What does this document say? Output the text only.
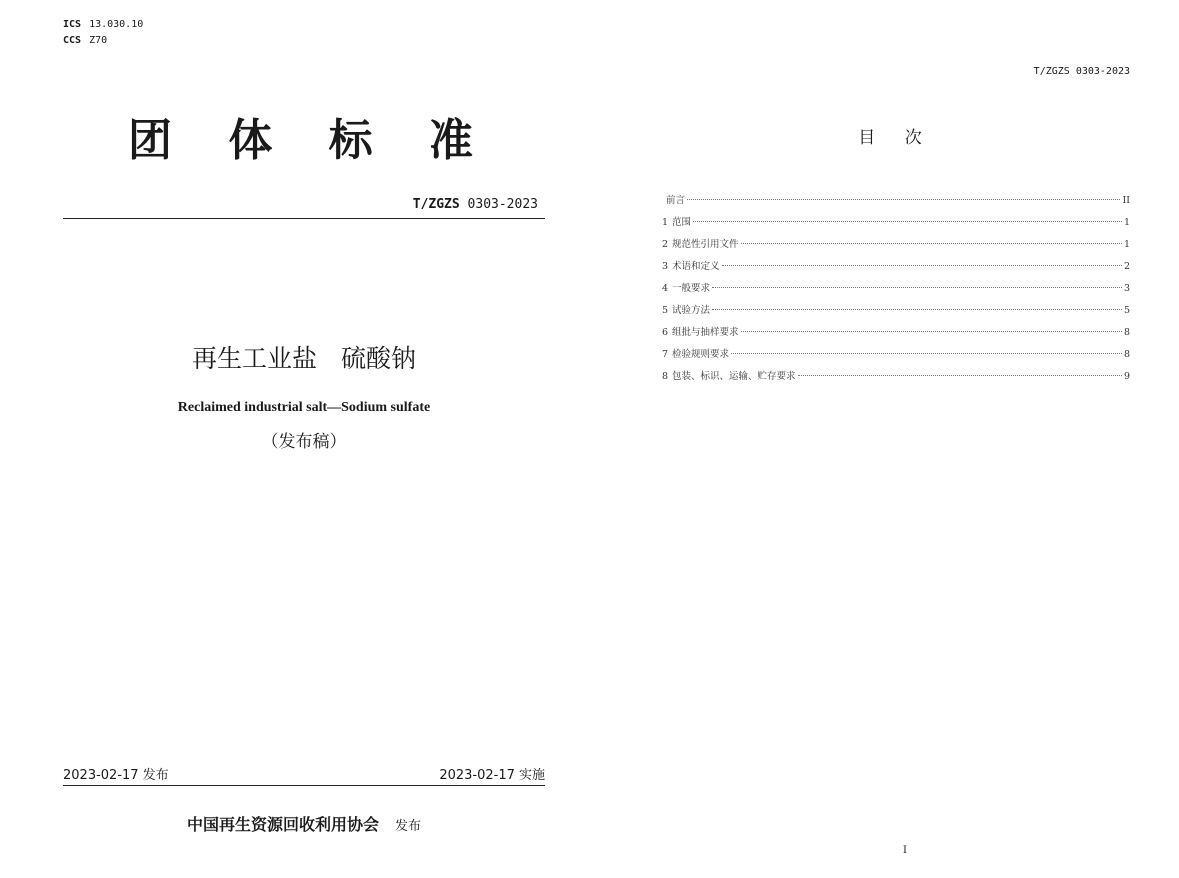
ICS 13.030.10
CCS Z70
团 体 标 准
T/ZGZS 0303-2023
再生工业盐 硫酸钠
Reclaimed industrial salt—Sodium sulfate
（发布稿）
2023-02-17 发布	2023-02-17 实施
中国再生资源回收利用协会 发布
T/ZGZS 0303-2023
目 次
前言	II
1 范围	1
2 规范性引用文件	1
3 术语和定义	2
4 一般要求	3
5 试验方法	5
6 组批与抽样要求	8
7 检验规则要求	8
8 包装、标识、运输、贮存要求	9
I
